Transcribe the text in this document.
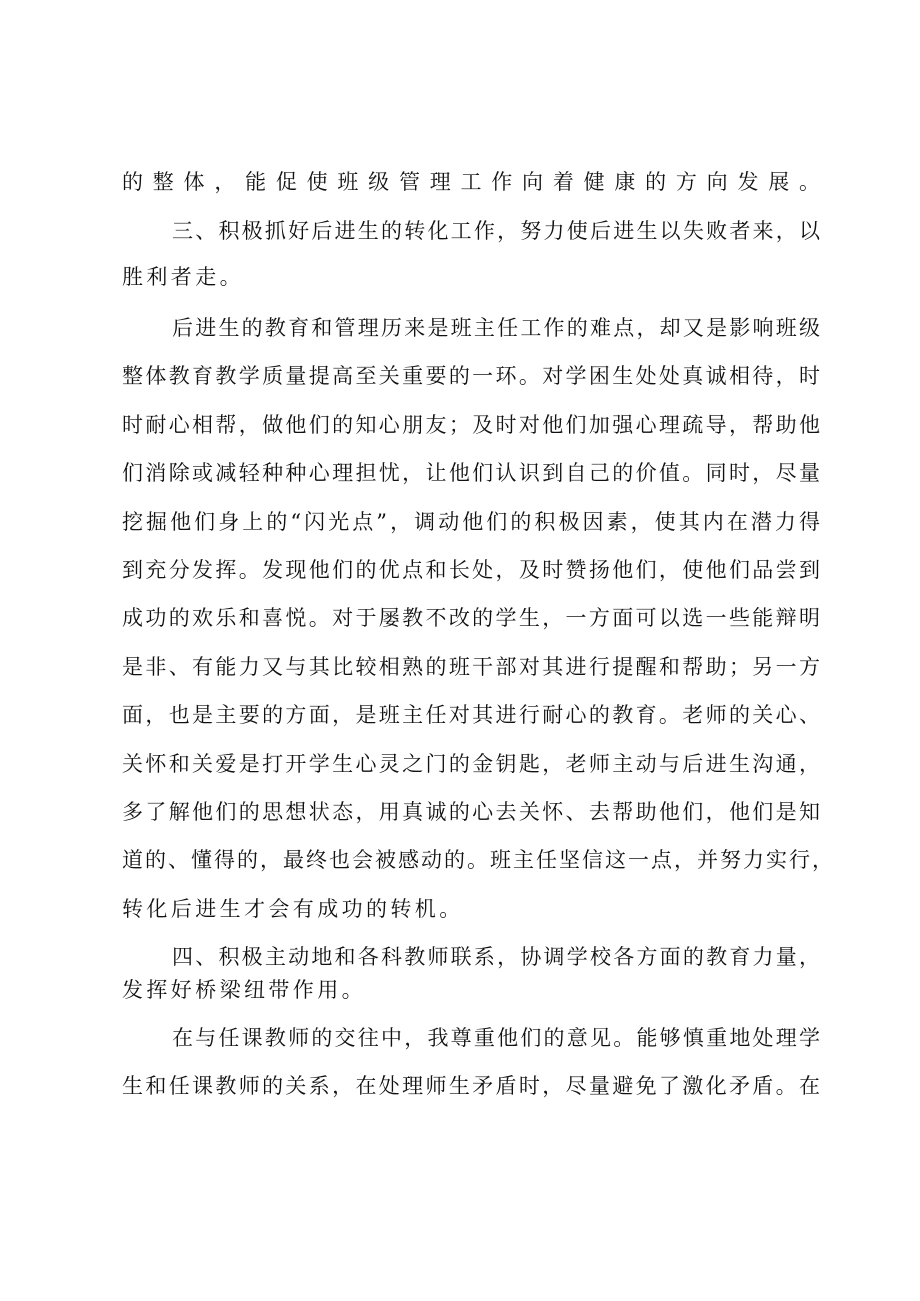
的整体，能促使班级管理工作向着健康的方向发展。
三、积极抓好后进生的转化工作，努力使后进生以失败者来，以
胜利者走。
后进生的教育和管理历来是班主任工作的难点，却又是影响班级
整体教育教学质量提高至关重要的一环。对学困生处处真诚相待，时
时耐心相帮，做他们的知心朋友；及时对他们加强心理疏导，帮助他
们消除或减轻种种心理担忧，让他们认识到自己的价值。同时，尽量
挖掘他们身上的“闪光点”，调动他们的积极因素，使其内在潜力得
到充分发挥。发现他们的优点和长处，及时赞扬他们，使他们品尝到
成功的欢乐和喜悦。对于屡教不改的学生，一方面可以选一些能辩明
是非、有能力又与其比较相熟的班干部对其进行提醒和帮助；另一方
面，也是主要的方面，是班主任对其进行耐心的教育。老师的关心、
关怀和关爱是打开学生心灵之门的金钥匙，老师主动与后进生沟通，
多了解他们的思想状态，用真诚的心去关怀、去帮助他们，他们是知
道的、懂得的，最终也会被感动的。班主任坚信这一点，并努力实行，
转化后进生才会有成功的转机。
四、积极主动地和各科教师联系，协调学校各方面的教育力量，
发挥好桥梁纽带作用。
在与任课教师的交往中，我尊重他们的意见。能够慎重地处理学
生和任课教师的关系，在处理师生矛盾时，尽量避免了激化矛盾。在
